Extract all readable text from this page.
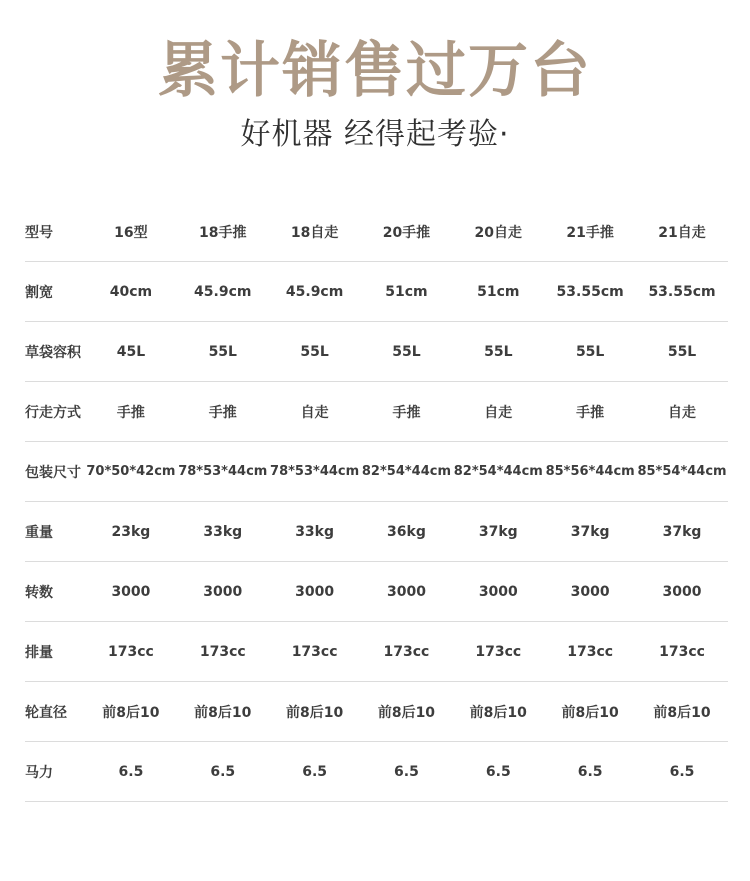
累计销售过万台
好机器 经得起考验·
型号	16型	18手推	18自走	20手推	20自走	21手推	21自走
割宽	40cm	45.9cm	45.9cm	51cm	51cm	53.55cm	53.55cm
草袋容积	45L	55L	55L	55L	55L	55L	55L
行走方式	手推	手推	自走	手推	自走	手推	自走
包装尺寸	70*50*42cm	78*53*44cm	78*53*44cm	82*54*44cm	82*54*44cm	85*56*44cm	85*54*44cm
重量	23kg	33kg	33kg	36kg	37kg	37kg	37kg
转数	3000	3000	3000	3000	3000	3000	3000
排量	173cc	173cc	173cc	173cc	173cc	173cc	173cc
轮直径	前8后10	前8后10	前8后10	前8后10	前8后10	前8后10	前8后10
马力	6.5	6.5	6.5	6.5	6.5	6.5	6.5
